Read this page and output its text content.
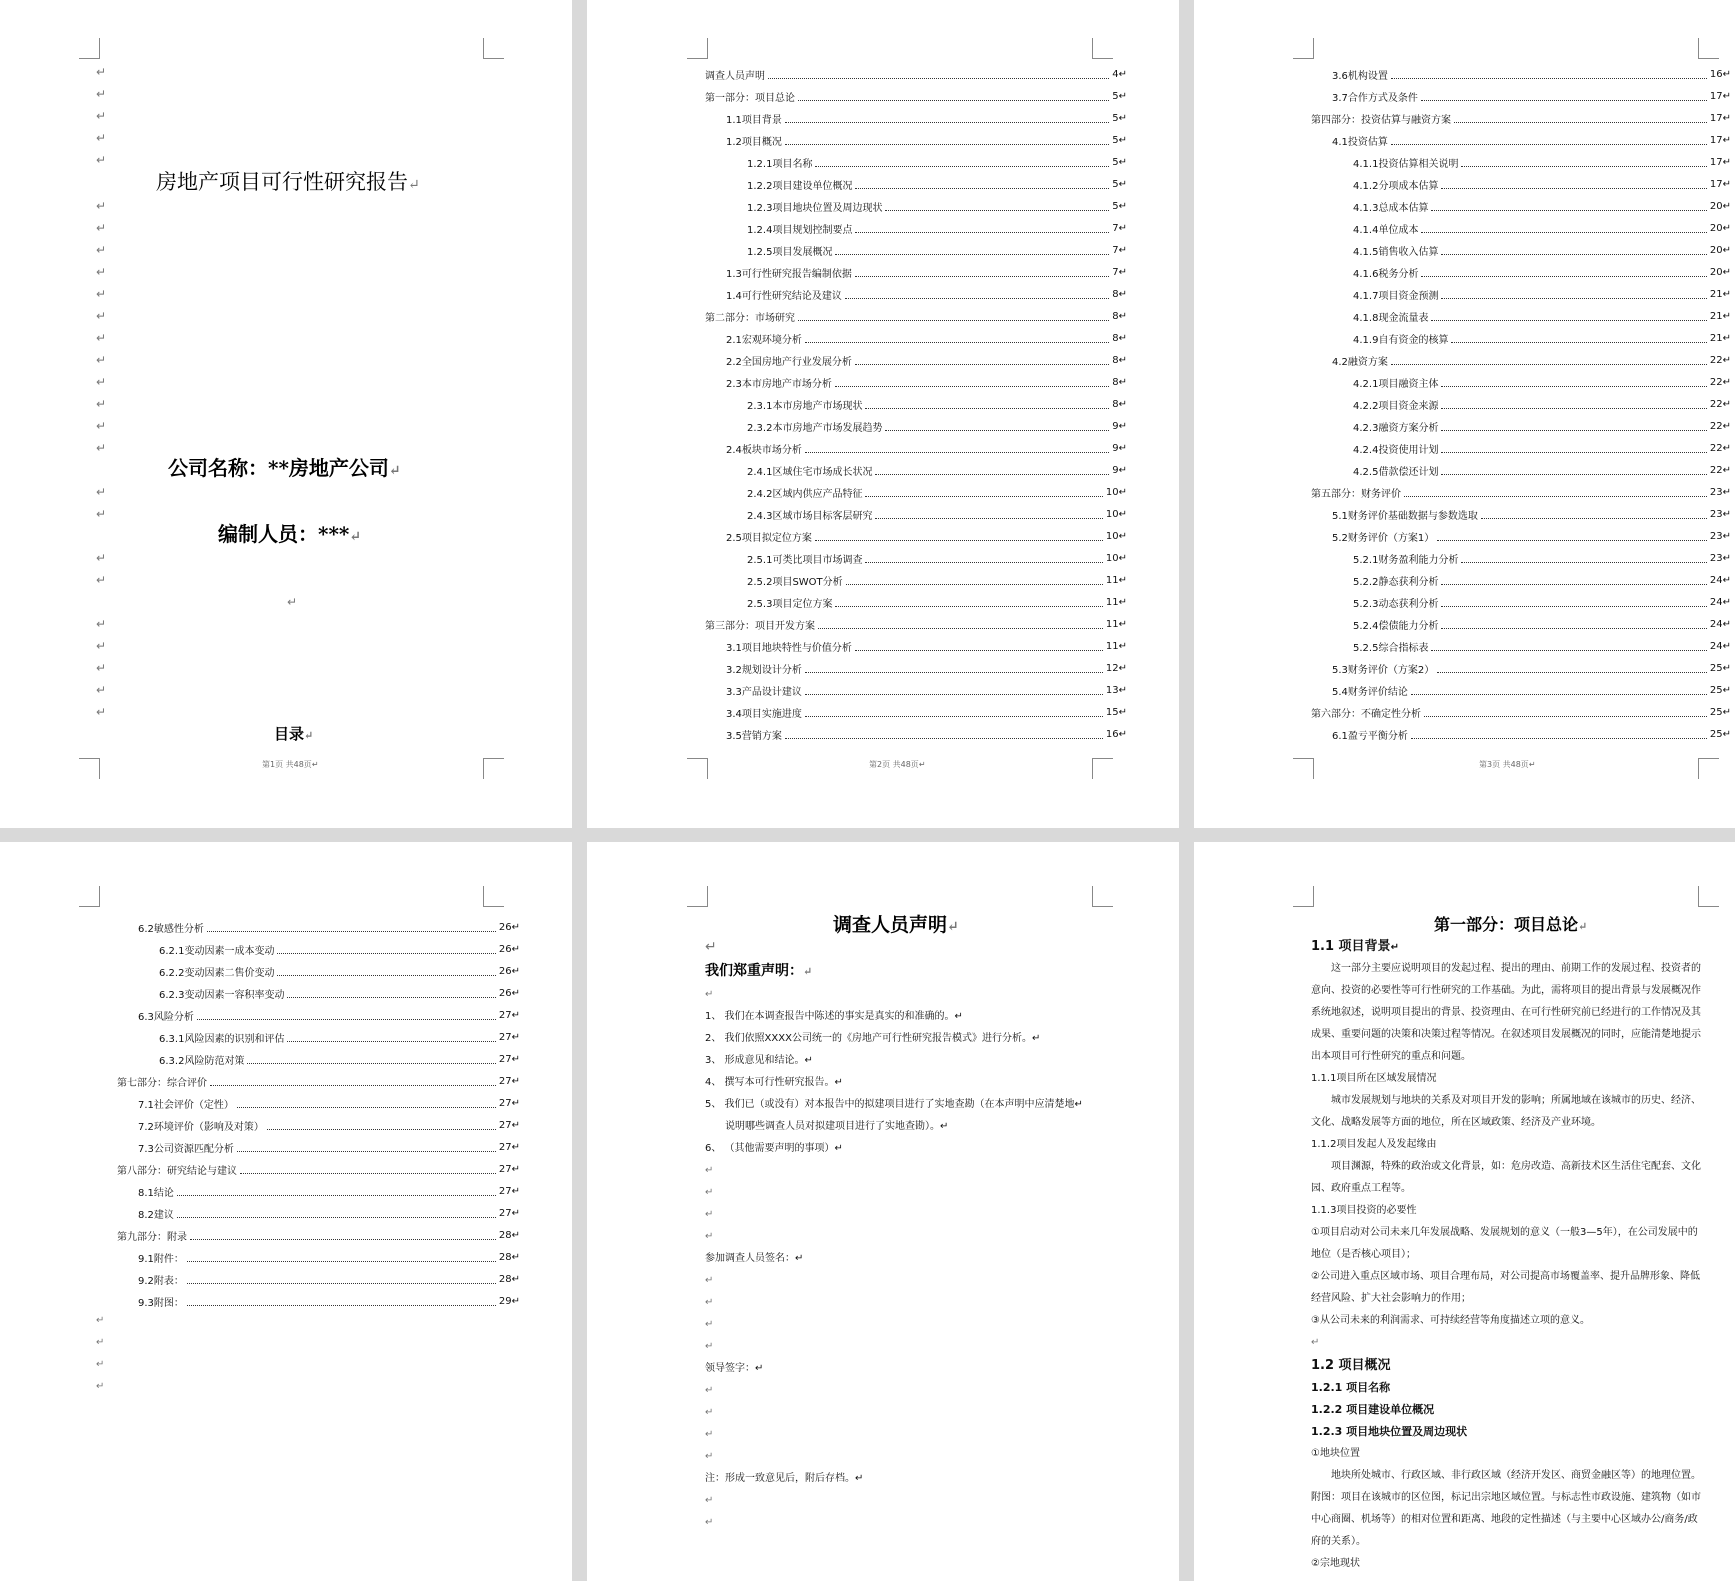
↵
↵
↵
↵
↵
↵
↵
↵
↵
↵
↵
↵
↵
↵
↵
↵
↵
↵
↵
↵
↵
↵
↵
↵
↵
↵
↵
房地产项目可行性研究报告↵
公司名称：**房地产公司↵
编制人员：***↵
目录↵
第1页 共48页↵
调查人员声明	4↵
第一部分：项目总论	5↵
1.1项目背景	5↵
1.2项目概况	5↵
1.2.1项目名称	5↵
1.2.2项目建设单位概况	5↵
1.2.3项目地块位置及周边现状	5↵
1.2.4项目规划控制要点	7↵
1.2.5项目发展概况	7↵
1.3可行性研究报告编制依据	7↵
1.4可行性研究结论及建议	8↵
第二部分：市场研究	8↵
2.1宏观环境分析	8↵
2.2全国房地产行业发展分析	8↵
2.3本市房地产市场分析	8↵
2.3.1本市房地产市场现状	8↵
2.3.2本市房地产市场发展趋势	9↵
2.4板块市场分析	9↵
2.4.1区域住宅市场成长状况	9↵
2.4.2区域内供应产品特征	10↵
2.4.3区域市场目标客层研究	10↵
2.5项目拟定位方案	10↵
2.5.1可类比项目市场调查	10↵
2.5.2项目SWOT分析	11↵
2.5.3项目定位方案	11↵
第三部分：项目开发方案	11↵
3.1项目地块特性与价值分析	11↵
3.2规划设计分析	12↵
3.3产品设计建议	13↵
3.4项目实施进度	15↵
3.5营销方案	16↵
第2页 共48页↵
3.6机构设置	16↵
3.7合作方式及条件	17↵
第四部分：投资估算与融资方案	17↵
4.1投资估算	17↵
4.1.1投资估算相关说明	17↵
4.1.2分项成本估算	17↵
4.1.3总成本估算	20↵
4.1.4单位成本	20↵
4.1.5销售收入估算	20↵
4.1.6税务分析	20↵
4.1.7项目资金预测	21↵
4.1.8现金流量表	21↵
4.1.9自有资金的核算	21↵
4.2融资方案	22↵
4.2.1项目融资主体	22↵
4.2.2项目资金来源	22↵
4.2.3融资方案分析	22↵
4.2.4投资使用计划	22↵
4.2.5借款偿还计划	22↵
第五部分：财务评价	23↵
5.1财务评价基础数据与参数选取	23↵
5.2财务评价（方案1）	23↵
5.2.1财务盈利能力分析	23↵
5.2.2静态获利分析	24↵
5.2.3动态获利分析	24↵
5.2.4偿债能力分析	24↵
5.2.5综合指标表	24↵
5.3财务评价（方案2）	25↵
5.4财务评价结论	25↵
第六部分：不确定性分析	25↵
6.1盈亏平衡分析	25↵
第3页 共48页↵
6.2敏感性分析	26↵
6.2.1变动因素一成本变动	26↵
6.2.2变动因素二售价变动	26↵
6.2.3变动因素一容积率变动	26↵
6.3风险分析	27↵
6.3.1风险因素的识别和评估	27↵
6.3.2风险防范对策	27↵
第七部分：综合评价	27↵
7.1社会评价（定性）	27↵
7.2环境评价（影响及对策）	27↵
7.3公司资源匹配分析	27↵
第八部分：研究结论与建议	27↵
8.1结论	27↵
8.2建议	27↵
第九部分：附录	28↵
9.1附件：	28↵
9.2附表：	28↵
9.3附图：	29↵
↵
↵
↵
↵
调查人员声明↵
↵
我们郑重声明：↵
↵
1、 我们在本调查报告中陈述的事实是真实的和准确的。↵
2、 我们依照XXXX公司统一的《房地产可行性研究报告模式》进行分析。↵
3、 形成意见和结论。↵
4、 撰写本可行性研究报告。↵
5、 我们已（或没有）对本报告中的拟建项目进行了实地查勘（在本声明中应清楚地↵
说明哪些调查人员对拟建项目进行了实地查勘）。↵
6、 （其他需要声明的事项）↵
↵
↵
↵
↵
参加调查人员签名：↵
↵
↵
↵
↵
领导签字：↵
↵
↵
↵
↵
注：形成一致意见后，附后存档。↵
↵
↵
第一部分：项目总论↵
1.1 项目背景↵
这一部分主要应说明项目的发起过程、提出的理由、前期工作的发展过程、投资者的意向、投资的必要性等可行性研究的工作基础。为此，需将项目的提出背景与发展概况作系统地叙述，说明项目提出的背景、投资理由、在可行性研究前已经进行的工作情况及其成果、重要问题的决策和决策过程等情况。在叙述项目发展概况的同时，应能清楚地提示出本项目可行性研究的重点和问题。
1.1.1项目所在区域发展情况
城市发展规划与地块的关系及对项目开发的影响；所属地域在该城市的历史、经济、文化、战略发展等方面的地位，所在区域政策、经济及产业环境。
1.1.2项目发起人及发起缘由
项目渊源，特殊的政治或文化背景，如：危房改造、高新技术区生活住宅配套、文化园、政府重点工程等。
1.1.3项目投资的必要性
①项目启动对公司未来几年发展战略、发展规划的意义（一般3—5年），在公司发展中的地位（是否核心项目）；
②公司进入重点区域市场、项目合理布局，对公司提高市场覆盖率、提升品牌形象、降低经营风险、扩大社会影响力的作用；
③从公司未来的利润需求、可持续经营等角度描述立项的意义。
↵
1.2 项目概况
1.2.1 项目名称
1.2.2 项目建设单位概况
1.2.3 项目地块位置及周边现状
①地块位置
地块所处城市、行政区域、非行政区域（经济开发区、商贸金融区等）的地理位置。附图：项目在该城市的区位图，标记出宗地区域位置。与标志性市政设施、建筑物（如市中心商圈、机场等）的相对位置和距离、地段的定性描述（与主要中心区域办公/商务/政府的关系）。
②宗地现状
